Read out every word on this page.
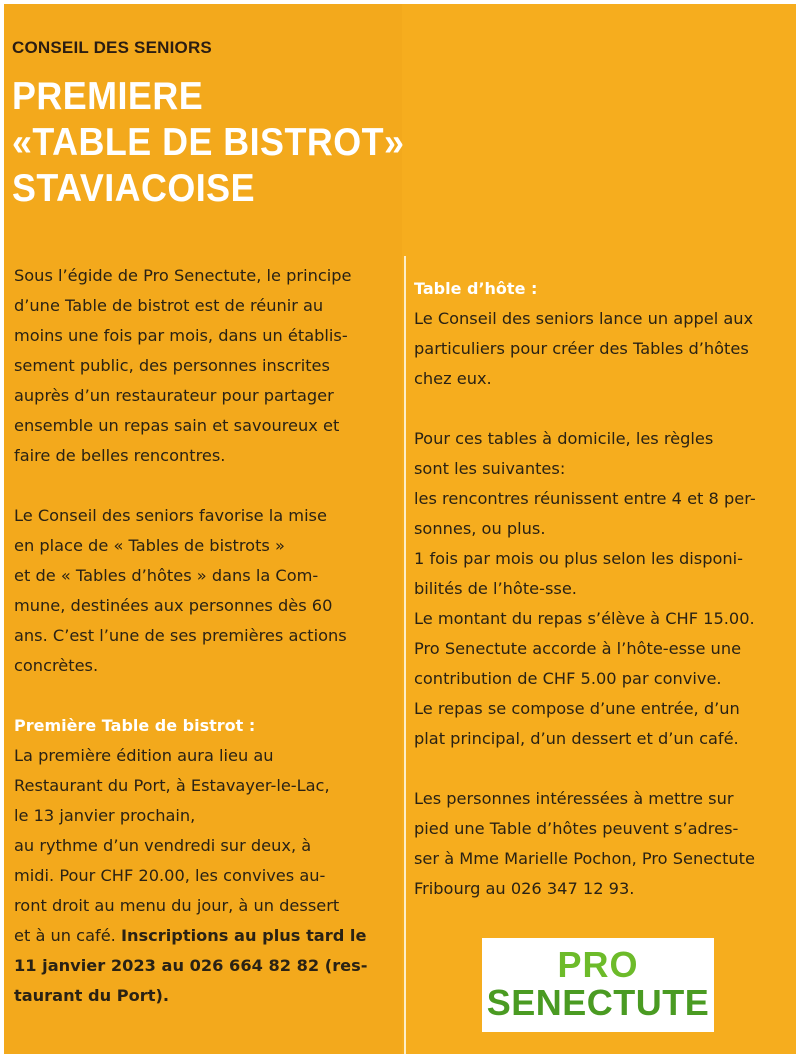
CONSEIL DES SENIORS
PREMIERE
«TABLE DE BISTROT»
STAVIACOISE

Sous l’égide de Pro Senectute, le principe
d’une Table de bistrot est de réunir au
moins une fois par mois, dans un établis-
sement public, des personnes inscrites
auprès d’un restaurateur pour partager
ensemble un repas sain et savoureux et
faire de belles rencontres.

Le Conseil des seniors favorise la mise
en place de « Tables de bistrots »
et de « Tables d’hôtes » dans la Com-
mune, destinées aux personnes dès 60
ans. C’est l’une de ses premières actions
concrètes.

Première Table de bistrot :

La première édition aura lieu au
Restaurant du Port, à Estavayer-le-Lac,
le 13 janvier prochain,
au rythme d’un vendredi sur deux, à
midi. Pour CHF 20.00, les convives au-
ront droit au menu du jour, à un dessert
et à un café. Inscriptions au plus tard le
11 janvier 2023 au 026 664 82 82 (res-
taurant du Port).

Table d’hôte :

Le Conseil des seniors lance un appel aux
particuliers pour créer des Tables d’hôtes
chez eux.

Pour ces tables à domicile, les règles
sont les suivantes:
les rencontres réunissent entre 4 et 8 per-
sonnes, ou plus.
1 fois par mois ou plus selon les disponi-
bilités de l’hôte-sse.
Le montant du repas s’élève à CHF 15.00.
Pro Senectute accorde à l’hôte-esse une
contribution de CHF 5.00 par convive.
Le repas se compose d’une entrée, d’un
plat principal, d’un dessert et d’un café.

Les personnes intéressées à mettre sur
pied une Table d’hôtes peuvent s’adres-
ser à Mme Marielle Pochon, Pro Senectute
Fribourg au 026 347 12 93.

PRO
SENECTUTE
